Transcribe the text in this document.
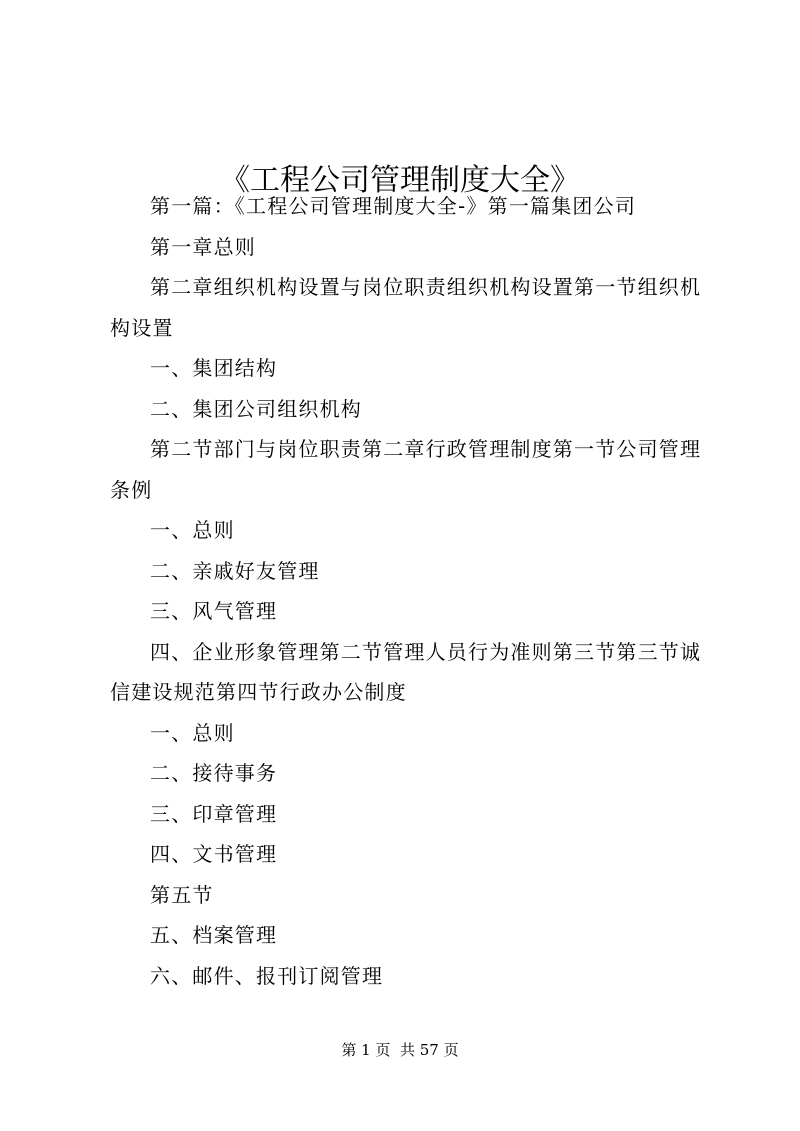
《工程公司管理制度大全》

第一篇：《工程公司管理制度大全-》第一篇集团公司

第一章总则

第二章组织机构设置与岗位职责组织机构设置第一节组织机构设置

一、集团结构

二、集团公司组织机构

第二节部门与岗位职责第二章行政管理制度第一节公司管理条例

一、总则

二、亲戚好友管理

三、风气管理

四、企业形象管理第二节管理人员行为准则第三节第三节诚信建设规范第四节行政办公制度

一、总则

二、接待事务

三、印章管理

四、文书管理

第五节

五、档案管理

六、邮件、报刊订阅管理

第 1 页  共 57 页
